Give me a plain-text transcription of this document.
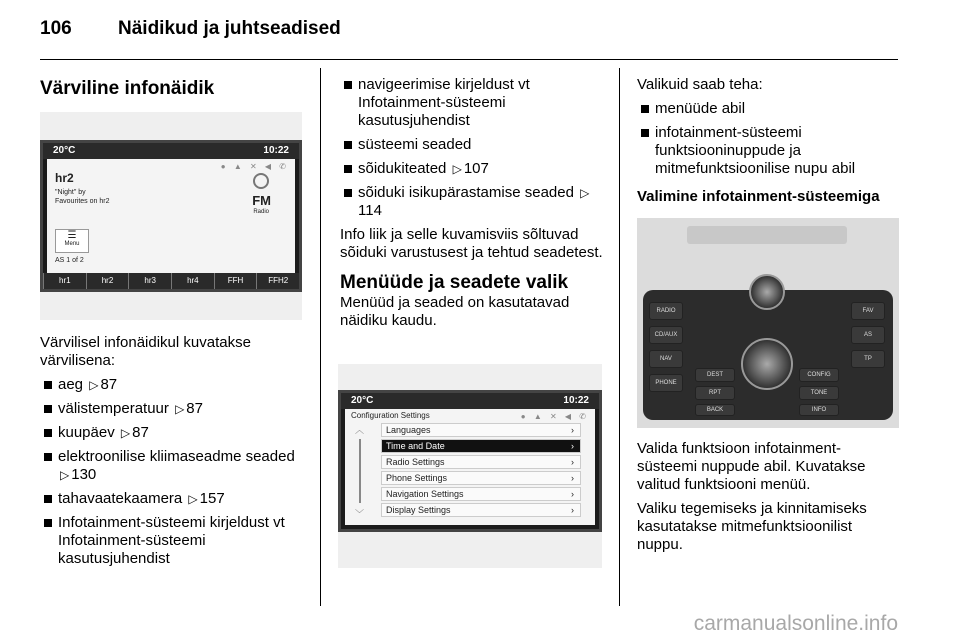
106 Näidikud ja juhtseadised
Värviline infonäidik
20°C	10:22
● ▲ ✕ ◀ ✆
hr2
"Night" by
Favourites on hr2	FM
Radio
☰
Menu
AS 1 of 2
hr1	hr2	hr3	hr4	FFH	FFH2
Värvilisel infonäidikul kuvatakse värvilisena:
aeg ▷ 87
välistemperatuur ▷ 87
kuupäev ▷ 87
elektroonilise kliimaseadme seaded ▷ 130
tahavaatekaamera ▷ 157
Infotainment-süsteemi kirjeldust vt Infotainment-süsteemi kasutusjuhendist
navigeerimise kirjeldust vt Infotainment-süsteemi kasutusjuhendist
süsteemi seaded
sõidukiteated ▷ 107
sõiduki isikupärastamise seaded ▷114
Info liik ja selle kuvamisviis sõltuvad sõiduki varustusest ja tehtud seadetest.
Menüüde ja seadete valik
Menüüd ja seaded on kasutatavad näidiku kaudu.
20°C	10:22
Configuration Settings	● ▲ ✕ ◀ ✆
︿
﹀
Languages	›
Time and Date	›
Radio Settings	›
Phone Settings	›
Navigation Settings	›
Display Settings	›
Valikuid saab teha:
menüüde abil
infotainment-süsteemi funktsiooninuppude ja mitmefunktsioonilise nupu abil
Valimine infotainment-süsteemiga
RADIO
CD/AUX
NAV
PHONE
FAV
AS
TP
DEST
RPT
BACK
CONFIG
TONE
INFO
Valida funktsioon infotainment-süsteemi nuppude abil. Kuvatakse valitud funktsiooni menüü.
Valiku tegemiseks ja kinnitamiseks kasutatakse mitmefunktsioonilist nuppu.
carmanualsonline.info
